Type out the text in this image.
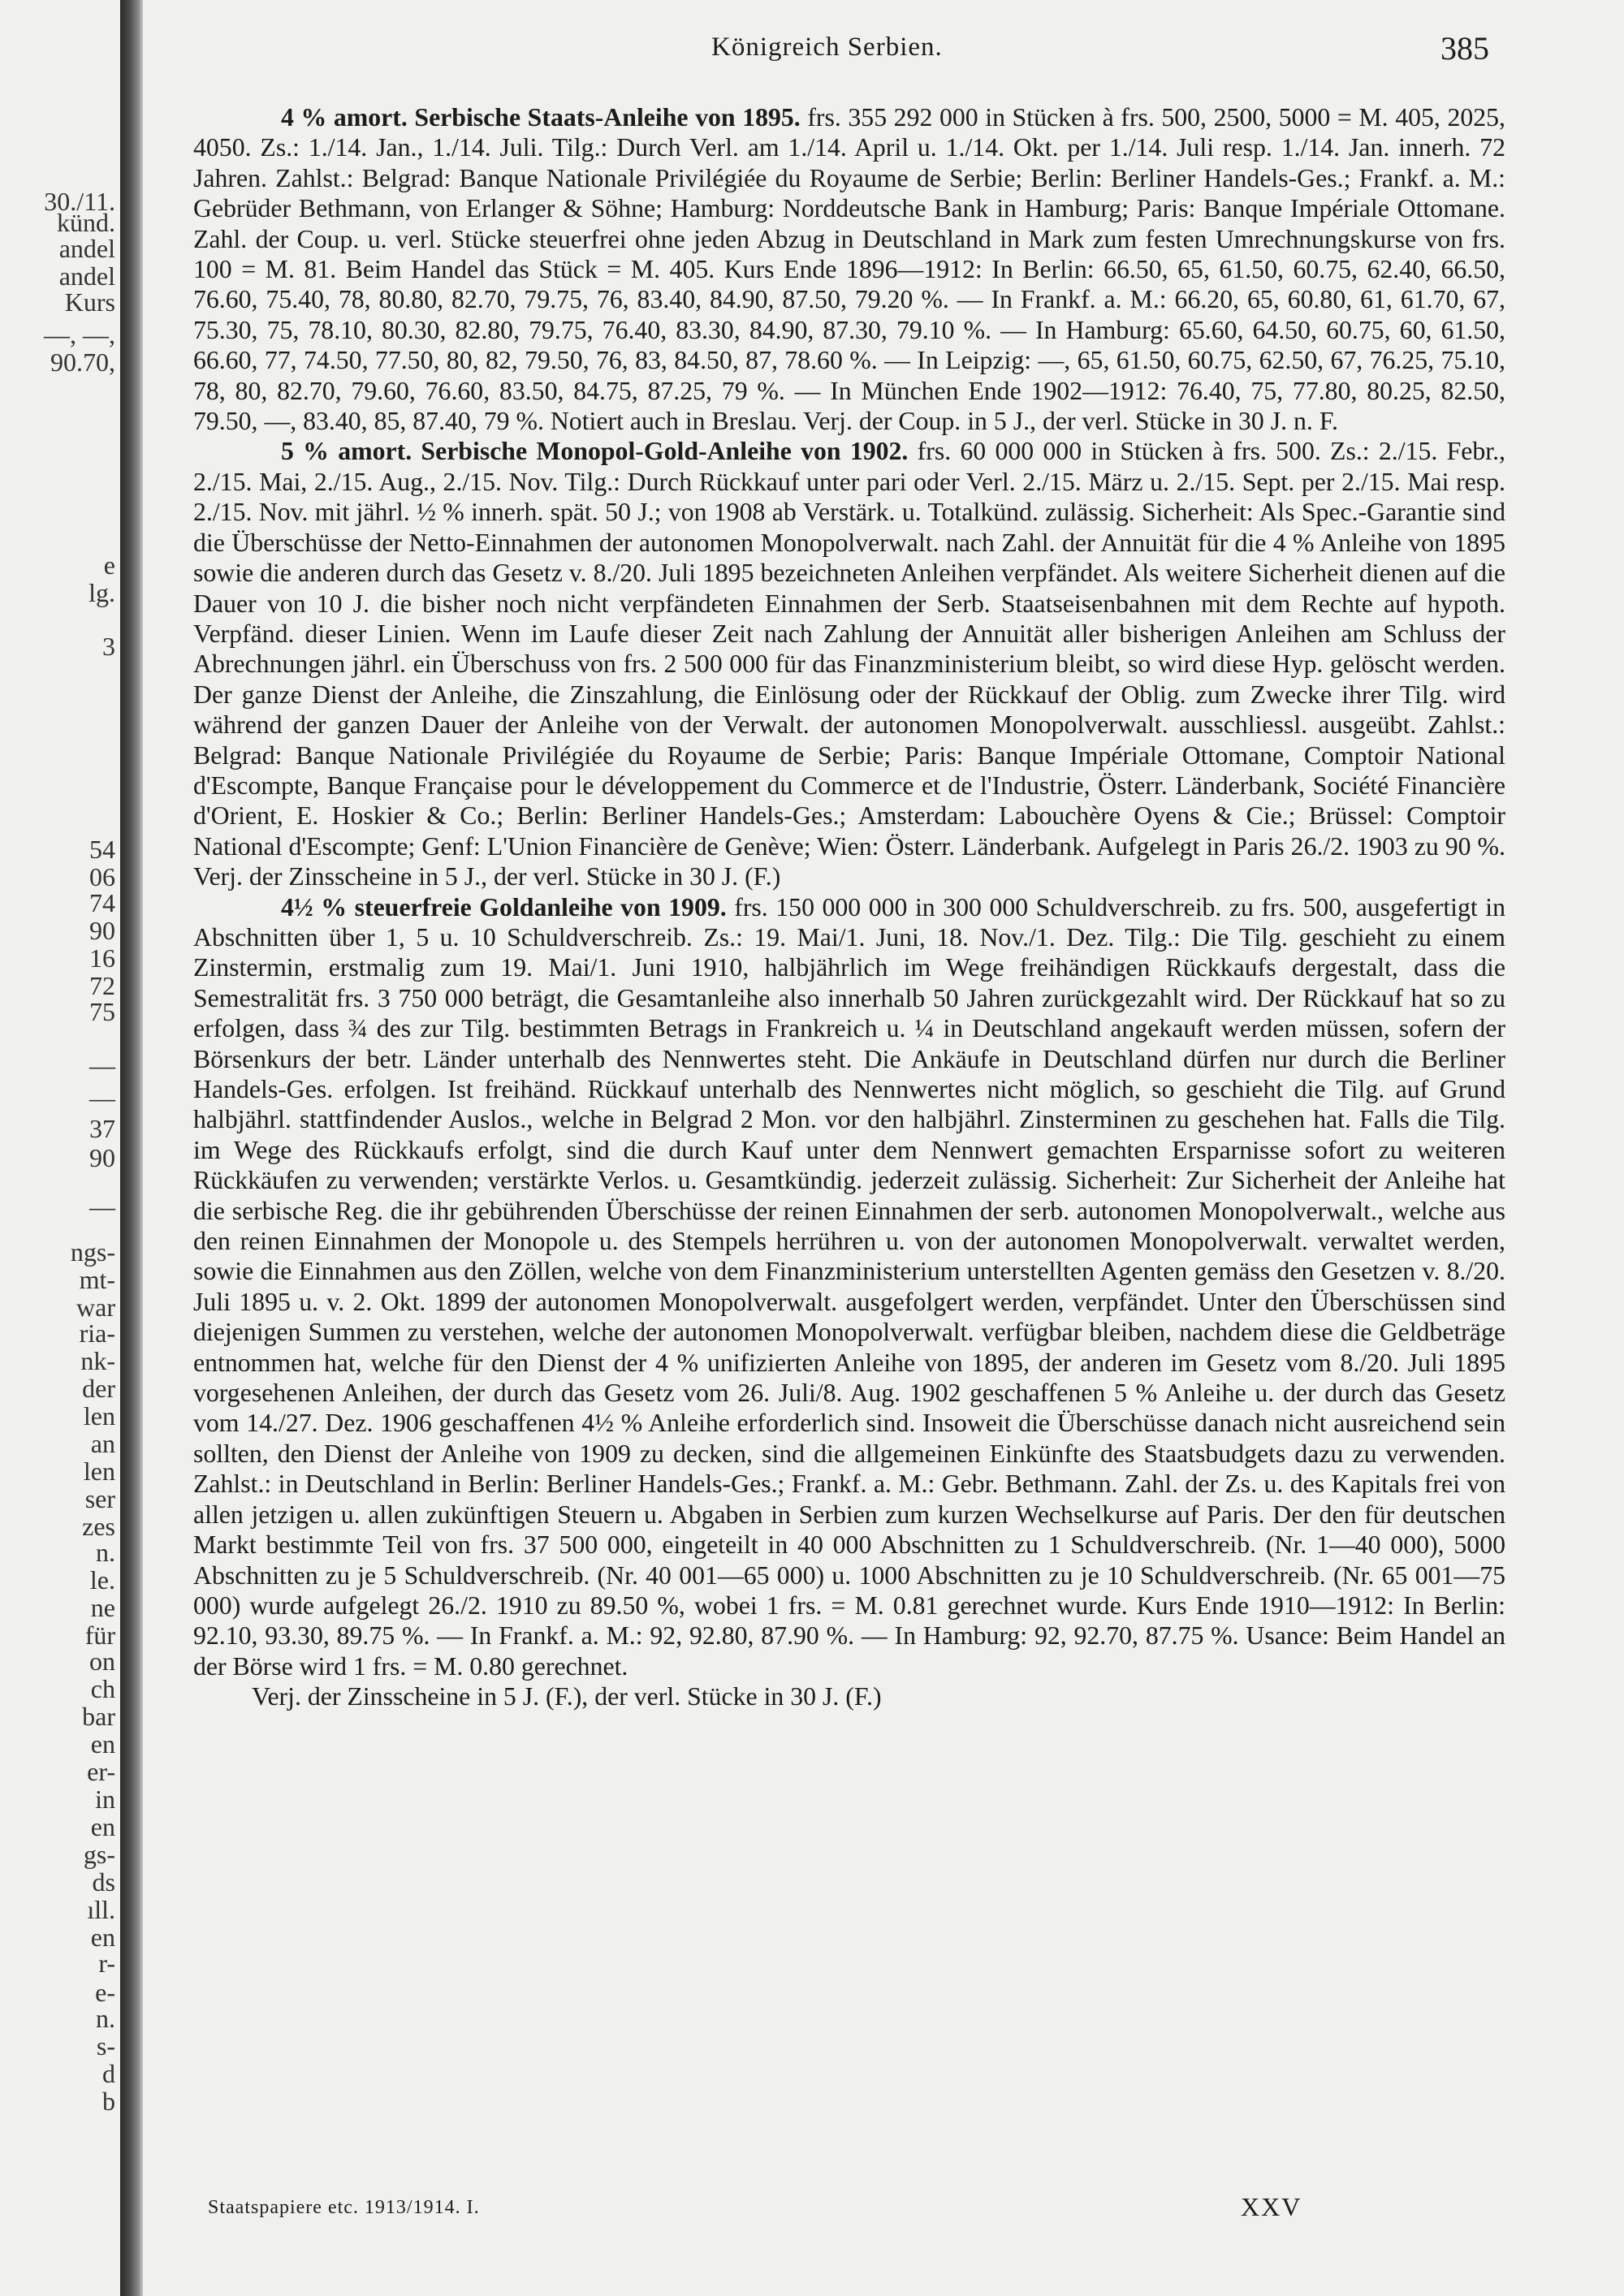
30./11.
künd.
andel
andel
Kurs
—, —,
90.70,
e
lg.
3
54
06
74
90
16
72
75
—
—
37
90
—
ngs-
mt-
war
ria-
nk-
der
len
an
len
ser
zes
n.
le.
ne
für
on
ch
bar
en
er-
in
en
gs-
ds
ıll.
en
r-
e-
n.
s-
d
b
Königreich Serbien.	385
4 % amort. Serbische Staats-Anleihe von 1895. frs. 355 292 000 in Stücken à frs. 500, 2500, 5000 = M. 405, 2025, 4050. Zs.: 1./14. Jan., 1./14. Juli. Tilg.: Durch Verl. am 1./14. April u. 1./14. Okt. per 1./14. Juli resp. 1./14. Jan. innerh. 72 Jahren. Zahlst.: Belgrad: Banque Nationale Privilégiée du Royaume de Serbie; Berlin: Berliner Handels-Ges.; Frankf. a. M.: Gebrüder Bethmann, von Erlanger & Söhne; Hamburg: Norddeutsche Bank in Hamburg; Paris: Banque Impériale Ottomane. Zahl. der Coup. u. verl. Stücke steuerfrei ohne jeden Abzug in Deutschland in Mark zum festen Umrechnungskurse von frs. 100 = M. 81. Beim Handel das Stück = M. 405. Kurs Ende 1896—1912: In Berlin: 66.50, 65, 61.50, 60.75, 62.40, 66.50, 76.60, 75.40, 78, 80.80, 82.70, 79.75, 76, 83.40, 84.90, 87.50, 79.20 %. — In Frankf. a. M.: 66.20, 65, 60.80, 61, 61.70, 67, 75.30, 75, 78.10, 80.30, 82.80, 79.75, 76.40, 83.30, 84.90, 87.30, 79.10 %. — In Hamburg: 65.60, 64.50, 60.75, 60, 61.50, 66.60, 77, 74.50, 77.50, 80, 82, 79.50, 76, 83, 84.50, 87, 78.60 %. — In Leipzig: —, 65, 61.50, 60.75, 62.50, 67, 76.25, 75.10, 78, 80, 82.70, 79.60, 76.60, 83.50, 84.75, 87.25, 79 %. — In München Ende 1902—1912: 76.40, 75, 77.80, 80.25, 82.50, 79.50, —, 83.40, 85, 87.40, 79 %. Notiert auch in Breslau. Verj. der Coup. in 5 J., der verl. Stücke in 30 J. n. F.
5 % amort. Serbische Monopol-Gold-Anleihe von 1902. frs. 60 000 000 in Stücken à frs. 500. Zs.: 2./15. Febr., 2./15. Mai, 2./15. Aug., 2./15. Nov. Tilg.: Durch Rückkauf unter pari oder Verl. 2./15. März u. 2./15. Sept. per 2./15. Mai resp. 2./15. Nov. mit jährl. ½ % innerh. spät. 50 J.; von 1908 ab Verstärk. u. Totalkünd. zulässig. Sicherheit: Als Spec.-Garantie sind die Überschüsse der Netto-Einnahmen der autonomen Monopolverwalt. nach Zahl. der Annuität für die 4 % Anleihe von 1895 sowie die anderen durch das Gesetz v. 8./20. Juli 1895 bezeichneten Anleihen verpfändet. Als weitere Sicherheit dienen auf die Dauer von 10 J. die bisher noch nicht verpfändeten Einnahmen der Serb. Staatseisenbahnen mit dem Rechte auf hypoth. Verpfänd. dieser Linien. Wenn im Laufe dieser Zeit nach Zahlung der Annuität aller bisherigen Anleihen am Schluss der Abrechnungen jährl. ein Überschuss von frs. 2 500 000 für das Finanzministerium bleibt, so wird diese Hyp. gelöscht werden. Der ganze Dienst der Anleihe, die Zinszahlung, die Einlösung oder der Rückkauf der Oblig. zum Zwecke ihrer Tilg. wird während der ganzen Dauer der Anleihe von der Verwalt. der autonomen Monopolverwalt. ausschliessl. ausgeübt. Zahlst.: Belgrad: Banque Nationale Privilégiée du Royaume de Serbie; Paris: Banque Impériale Ottomane, Comptoir National d'Escompte, Banque Française pour le développement du Commerce et de l'Industrie, Österr. Länderbank, Société Financière d'Orient, E. Hoskier & Co.; Berlin: Berliner Handels-Ges.; Amsterdam: Labouchère Oyens & Cie.; Brüssel: Comptoir National d'Escompte; Genf: L'Union Financière de Genève; Wien: Österr. Länderbank. Aufgelegt in Paris 26./2. 1903 zu 90 %. Verj. der Zinsscheine in 5 J., der verl. Stücke in 30 J. (F.)
4½ % steuerfreie Goldanleihe von 1909. frs. 150 000 000 in 300 000 Schuldverschreib. zu frs. 500, ausgefertigt in Abschnitten über 1, 5 u. 10 Schuldverschreib. Zs.: 19. Mai/1. Juni, 18. Nov./1. Dez. Tilg.: Die Tilg. geschieht zu einem Zinstermin, erstmalig zum 19. Mai/1. Juni 1910, halbjährlich im Wege freihändigen Rückkaufs dergestalt, dass die Semestralität frs. 3 750 000 beträgt, die Gesamtanleihe also innerhalb 50 Jahren zurückgezahlt wird. Der Rückkauf hat so zu erfolgen, dass ¾ des zur Tilg. bestimmten Betrags in Frankreich u. ¼ in Deutschland angekauft werden müssen, sofern der Börsenkurs der betr. Länder unterhalb des Nennwertes steht. Die Ankäufe in Deutschland dürfen nur durch die Berliner Handels-Ges. erfolgen. Ist freihänd. Rückkauf unterhalb des Nennwertes nicht möglich, so geschieht die Tilg. auf Grund halbjährl. stattfindender Auslos., welche in Belgrad 2 Mon. vor den halbjährl. Zinsterminen zu geschehen hat. Falls die Tilg. im Wege des Rückkaufs erfolgt, sind die durch Kauf unter dem Nennwert gemachten Ersparnisse sofort zu weiteren Rückkäufen zu verwenden; verstärkte Verlos. u. Gesamtkündig. jederzeit zulässig. Sicherheit: Zur Sicherheit der Anleihe hat die serbische Reg. die ihr gebührenden Überschüsse der reinen Einnahmen der serb. autonomen Monopolverwalt., welche aus den reinen Einnahmen der Monopole u. des Stempels herrühren u. von der autonomen Monopolverwalt. verwaltet werden, sowie die Einnahmen aus den Zöllen, welche von dem Finanzministerium unterstellten Agenten gemäss den Gesetzen v. 8./20. Juli 1895 u. v. 2. Okt. 1899 der autonomen Monopolverwalt. ausgefolgert werden, verpfändet. Unter den Überschüssen sind diejenigen Summen zu verstehen, welche der autonomen Monopolverwalt. verfügbar bleiben, nachdem diese die Geldbeträge entnommen hat, welche für den Dienst der 4 % unifizierten Anleihe von 1895, der anderen im Gesetz vom 8./20. Juli 1895 vorgesehenen Anleihen, der durch das Gesetz vom 26. Juli/8. Aug. 1902 geschaffenen 5 % Anleihe u. der durch das Gesetz vom 14./27. Dez. 1906 geschaffenen 4½ % Anleihe erforderlich sind. Insoweit die Überschüsse danach nicht ausreichend sein sollten, den Dienst der Anleihe von 1909 zu decken, sind die allgemeinen Einkünfte des Staatsbudgets dazu zu verwenden. Zahlst.: in Deutschland in Berlin: Berliner Handels-Ges.; Frankf. a. M.: Gebr. Bethmann. Zahl. der Zs. u. des Kapitals frei von allen jetzigen u. allen zukünftigen Steuern u. Abgaben in Serbien zum kurzen Wechselkurse auf Paris. Der den für deutschen Markt bestimmte Teil von frs. 37 500 000, eingeteilt in 40 000 Abschnitten zu 1 Schuldverschreib. (Nr. 1—40 000), 5000 Abschnitten zu je 5 Schuldverschreib. (Nr. 40 001—65 000) u. 1000 Abschnitten zu je 10 Schuldverschreib. (Nr. 65 001—75 000) wurde aufgelegt 26./2. 1910 zu 89.50 %, wobei 1 frs. = M. 0.81 gerechnet wurde. Kurs Ende 1910—1912: In Berlin: 92.10, 93.30, 89.75 %. — In Frankf. a. M.: 92, 92.80, 87.90 %. — In Hamburg: 92, 92.70, 87.75 %. Usance: Beim Handel an der Börse wird 1 frs. = M. 0.80 gerechnet.

Verj. der Zinsscheine in 5 J. (F.), der verl. Stücke in 30 J. (F.)

Staatspapiere etc. 1913/1914. I.	XXV
